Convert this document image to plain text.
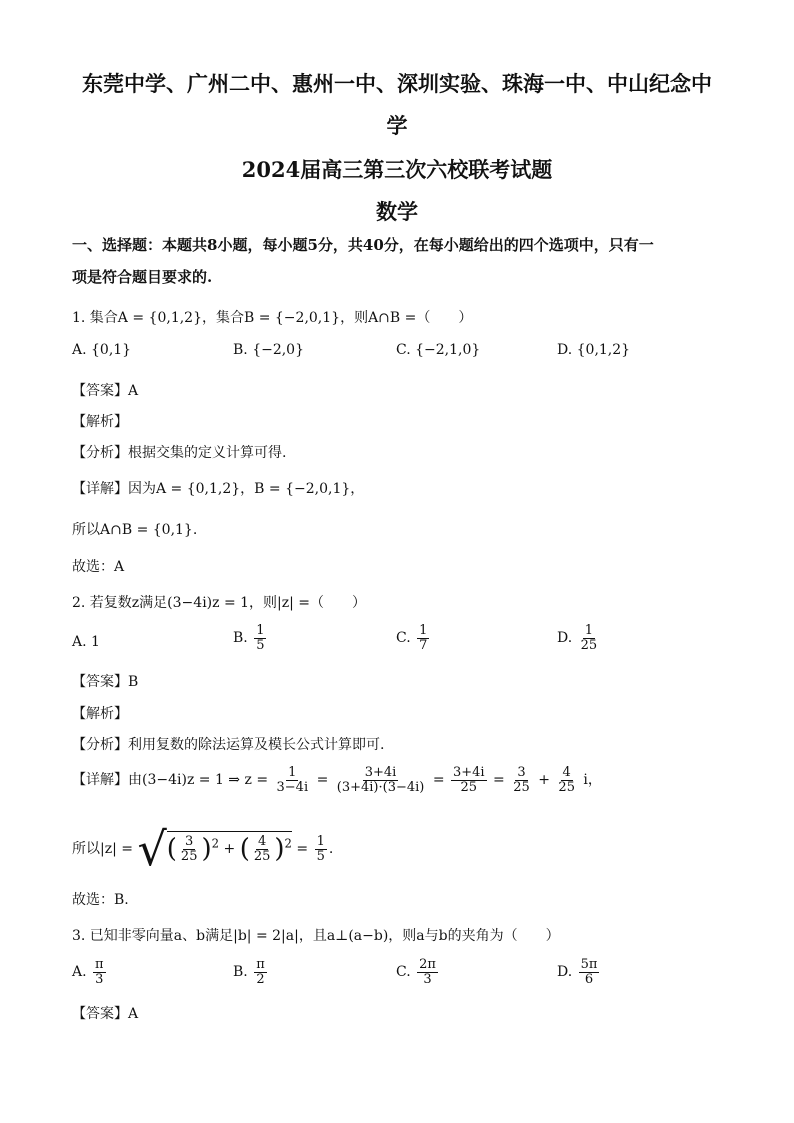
东莞中学、广州二中、惠州一中、深圳实验、珠海一中、中山纪念中
学
2024届高三第三次六校联考试题
数学
一、选择题：本题共8小题，每小题5分，共40分，在每小题给出的四个选项中，只有一
项是符合题目要求的.
1. 集合A = {0,1,2}，集合B = {−2,0,1}，则A∩B =（　　）
A. {0,1}	B. {−2,0}	C. {−2,1,0}	D. {0,1,2}
【答案】A
【解析】
【分析】根据交集的定义计算可得.
【详解】因为A = {0,1,2}，B = {−2,0,1}，
所以A∩B = {0,1}.
故选：A
2. 若复数z满足(3−4i)z = 1，则|z| =（　　）
A. 1	B. $\frac{1}{5}$	C. $\frac{1}{7}$	D. $\frac{1}{25}$
【答案】B
【解析】
【分析】利用复数的除法运算及模长公式计算即可.
【详解】由(3−4i)z = 1 ⇒ $z = \frac{1}{3-4i} = \frac{3+4i}{(3+4i)\cdot(3-4i)} = \frac{3+4i}{25} = \frac{3}{25} + \frac{4}{25}$ i，
所以|z| = √( $\frac{3}{25} )^2$ + ( $\frac{4}{25} )^2 = \frac{1}{5}$ .
故选：B.
3. 已知非零向量a、b满足|b| = 2|a|，且a⊥(a−b)，则a与b的夹角为（　　）
A. $\frac{\pi}{3}$	B. $\frac{\pi}{2}$	C. $\frac{2\pi}{3}$	D. $\frac{5\pi}{6}$
【答案】A
